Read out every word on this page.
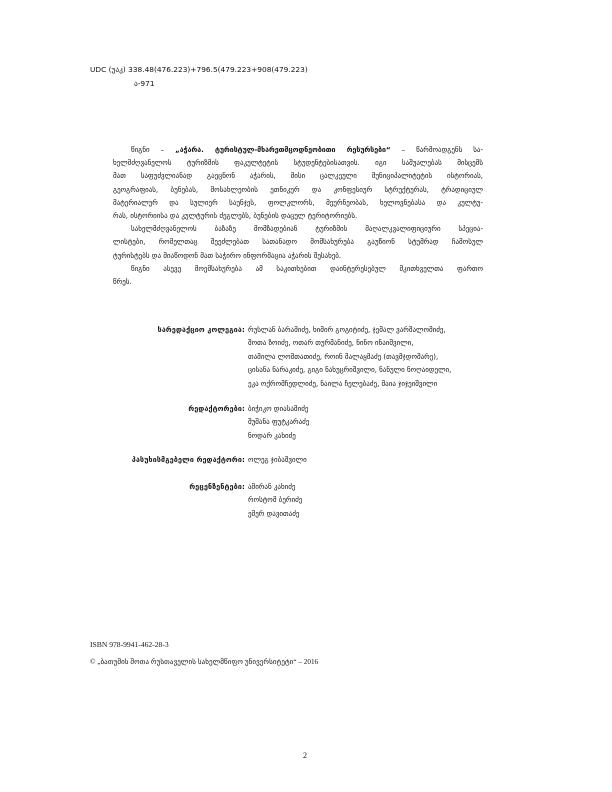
UDC (უაკ) 338.48(476.223)+796.5(479.223+908(479.223)
ა-971
წიგნი – „აჭარა. ტურისტულ-მხარეთმცოდნეობითი რესურსები“ – წარმოადგენს სა-
ხელმძღვანელოს ტურიზმის ფაკულტეტის სტუდენტებისათვის. იგი საშუალებას მისცემს
მათ საფუძვლიანად გაეცნონ აჭარის, მისი ცალკეული მუნიციპალიტეტის ისტორიას,
გეოგრაფიას, ბუნებას, მოსახლეობის ეთნიკურ და კონფესიურ სტრუქტურას, ტრადიციულ
მატერიალურ და სულიერ საუნჯეს, ფოლკლორს, მეურნეობას, ხელოვნებასა და კულტუ-
რას, ისტორიისა და კულტურის ძეგლებს, ბუნების დაცულ ტერიტორიებს.
სახელმძღვანელოს ბაზაზე მომზადებიან ტურიზმის მაღალკვალიფიციური სპეცია-
ლისტები, რომელთაც შეეძლებათ სათანადო მომსახურება გაუწიონ სტუმრად ჩამოსულ
ტურისტებს და მიაწოდონ მათ საჭირო ინფორმაცია აჭარის შესახებ.
წიგნი ასევე მოემსახურება ამ საკითხებით დაინტერესებულ მკითხველთა ფართო
წრეს.
სარედაქციო კოლეგია: რუსლან ბარამიძე, ხიმირ გოგიტიძე, ჯემალ ვარშალომიძე,
შოთა ზოიძე, ოთარ თურმანიძე, ნინო ინაიშვილი,
თამილა ლომთათიძე, როინ მალაყმაძე (თავმჯდომარე),
ცისანა ნარაკიძე, გიგი ნახუცრიშვილი, ნანული ნოღაიდელი,
ეკა ოქრომჩედლიძე, ნაილა ჩელებაძე, მაია ჯიჯეიშვილი
რედაქტორები: ბიჭიკო დიასამიძე
შუშანა ფუტკარაძე
ნოდარ კახიძე
პასუხისმგებელი რედაქტორი: ოლეგ ჯიბაშვილი
რეცენზენტები: ამირან კახიძე
როსტომ ბერიძე
ემერ დავითაძე
ISBN 978-9941-462-28-3
© „ბათუმის შოთა რუსთაველის სახელმწიფო უნივერსიტეტი“ – 2016
2
